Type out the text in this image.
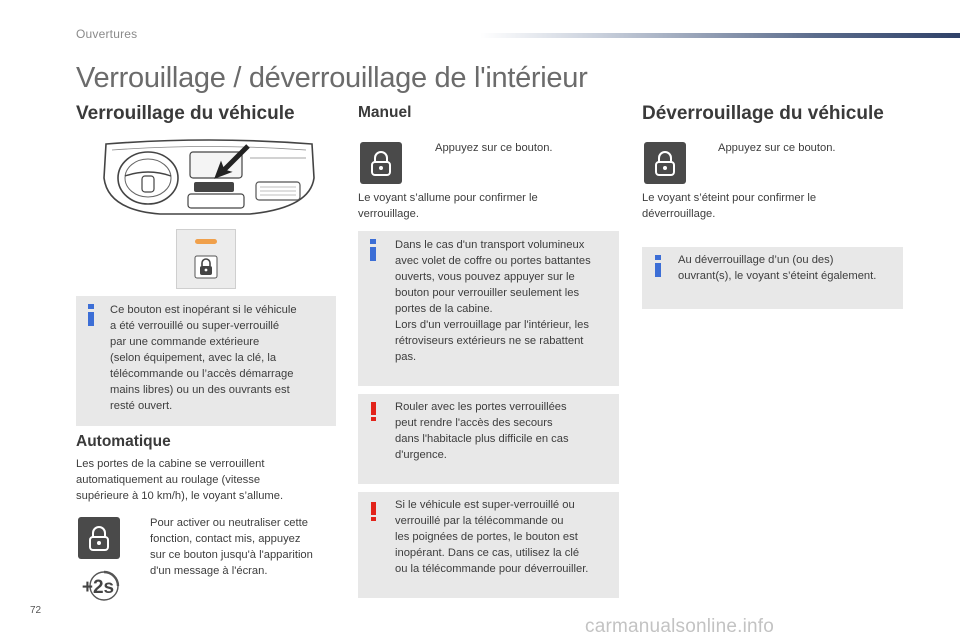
Ouvertures
Verrouillage / déverrouillage de l'intérieur
Verrouillage du véhicule
Ce bouton est inopérant si le véhicule
a été verrouillé ou super-verrouillé
par une commande extérieure
(selon équipement, avec la clé, la
télécommande ou l’accès démarrage
mains libres) ou un des ouvrants est
resté ouvert.
Automatique
Les portes de la cabine se verrouillent
automatiquement au roulage (vitesse
supérieure à 10 km/h), le voyant s’allume.
Pour activer ou neutraliser cette
fonction, contact mis, appuyez
sur ce bouton jusqu'à l'apparition
d'un message à l'écran.
+2s
Manuel
Appuyez sur ce bouton.
Le voyant s’allume pour confirmer le
verrouillage.
Dans le cas d'un transport volumineux
avec volet de coffre ou portes battantes
ouverts, vous pouvez appuyer sur le
bouton pour verrouiller seulement les
portes de la cabine.
Lors d'un verrouillage par l'intérieur, les
rétroviseurs extérieurs ne se rabattent
pas.
Rouler avec les portes verrouillées
peut rendre l'accès des secours
dans l'habitacle plus difficile en cas
d'urgence.
Si le véhicule est super-verrouillé ou
verrouillé par la télécommande ou
les poignées de portes, le bouton est
inopérant. Dans ce cas, utilisez la clé
ou la télécommande pour déverrouiller.
Déverrouillage du véhicule
Appuyez sur ce bouton.
Le voyant s’éteint pour confirmer le
déverrouillage.
Au déverrouillage d’un (ou des)
ouvrant(s), le voyant s’éteint également.
72
carmanualsonline.info
